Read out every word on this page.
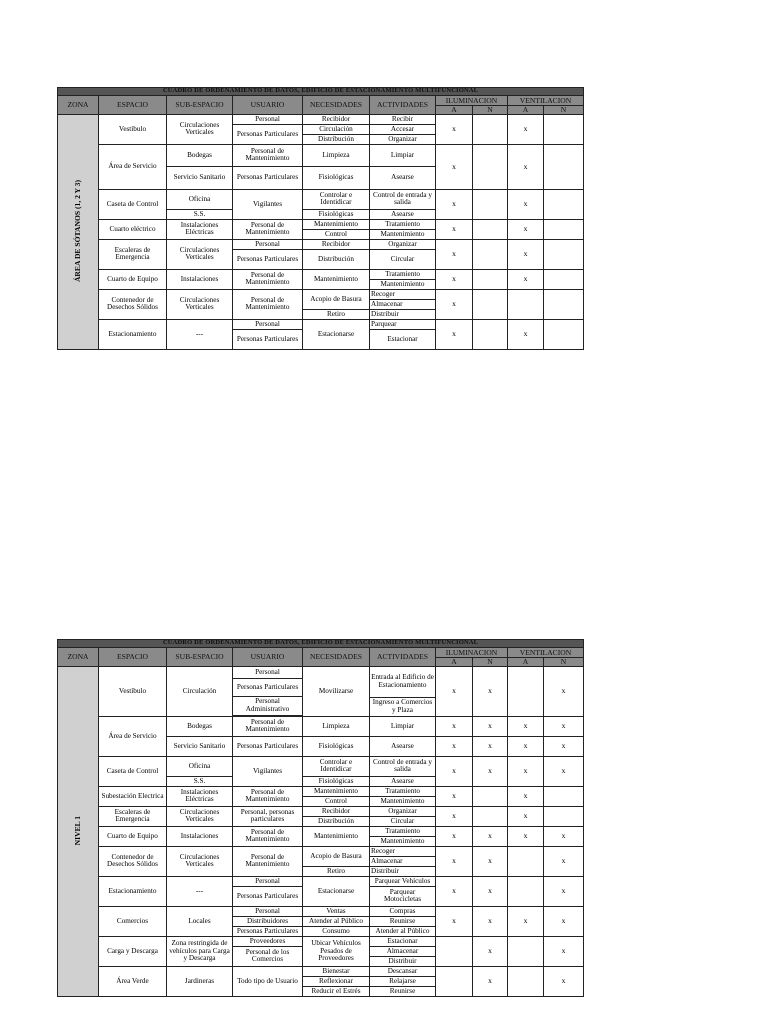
CUADRO DE ORDENAMIENTO DE DATOS, EDIFICIO DE ESTACIONAMIENTO MULTIFUNCIONAL									
ZONA	ESPACIO	SUB-ESPACIO	USUARIO	NECESIDADES	ACTIVIDADES	ILUMINACION		VENTILACION	
						A	N	A	N
ÁREA DE SÓTANOS (1, 2 Y 3)	Vestíbulo	Circulaciones Verticales	Personal	Recibidor	Recibir	x		x	
			Personas Particulares	Circulación	Accesar				
				Distribución	Organizar				
	Área de Servicio	Bodegas	Personal de Mantenimiento	Limpieza	Limpiar	x		x	

		Servicio Sanitario	Personas Particulares	Fisiológicas	Asearse				
	Caseta de Control	Oficina	Vigilantes	Controlar e Identidicar	Control de entrada y salida	x		x	
		S.S.		Fisiológicas	Asearse				
	Cuarto eléctrico	Instalaciones Eléctricas	Personal de Mantenimiento	Mantenimiento	Tratamiento	x		x	
				Control	Mantenimiento				
	Escaleras de Emergencia	Circulaciones Verticales	Personal	Recibidor	Organizar	x		x	
			Personas Particulares	Distribución	Circular				
	Cuarto de Equipo	Instalaciones	Personal de Mantenimiento	Mantenimiento	Tratamiento	x		x	
					Mantenimiento				
	Contenedor de Desechos Sólidos	Circulaciones Verticales	Personal de Mantenimiento	Acopio de Basura	Recoger	x			
					Almacenar				
				Retiro	Distribuir				
	Estacionamiento	---	Personal	Estacionarse	Parquear	x		x	
			Personas Particulares		Estacionar				

CUADRO DE ORDENAMIENTO DE DATOS, EDIFICIO DE ESTACIONAMIENTO MULTIFUNCIONAL									
ZONA	ESPACIO	SUB-ESPACIO	USUARIO	NECESIDADES	ACTIVIDADES	ILUMINACION		VENTILACION	
						A	N	A	N
NIVEL 1	Vestíbulo	Circulación	Personal	Movilizarse	Entrada al Edificio de Estacionamiento	x	x		x
			Personas Particulares						
			Personal Administrativo						
					Ingreso a Comercios y Plaza				

	Área de Servicio	Bodegas	Personal de Mantenimiento	Limpieza	Limpiar	x	x	x	x
		Servicio Sanitario	Personas Particulares	Fisiológicas	Asearse	x	x	x	x
	Caseta de Control	Oficina	Vigilantes	Controlar e Identidicar	Control de entrada y salida	x	x	x	x
		S.S.		Fisiológicas	Asearse				
	Subestación Electrica	Instalaciones Eléctricas	Personal de Mantenimiento	Mantenimiento	Tratamiento	x		x	
				Control	Mantenimiento				
	Escaleras de Emergencia	Circulaciones Verticales	Personal, personas particulares	Recibidor	Organizar	x		x	
				Distribución	Circular				
	Cuarto de Equipo	Instalaciones	Personal de Mantenimiento	Mantenimiento	Tratamiento	x	x	x	x
					Mantenimiento				
	Contenedor de Desechos Sólidos	Circulaciones Verticales	Personal de Mantenimiento	Acopio de Basura	Recoger	x	x		x
					Almacenar				
				Retiro	Distribuir				
	Estacionamiento	---	Personal	Estacionarse	Parquear Vehículos	x	x		x
			Personas Particulares		Parquear Motocicletas				
	Comercios	Locales	Personal	Ventas	Compras	x	x	x	x
			Distribuidores	Atender al Público	Reunirse				
			Personas Particulares	Consumo	Atender al Público				
	Carga y Descarga	Zona restringida de vehículos para Carga y Descarga	Proveedores	Ubicar Vehículos Pesados de Proveedores	Estacionar		x		x
			Personal de los Comercios		Almacenar				
					Distribuir				
	Área Verde	Jardineras	Todo tipo de Usuario	Bienestar	Descansar		x		x
				Reflexionar	Relajarse				
				Reducir el Estrés	Reunirse				
